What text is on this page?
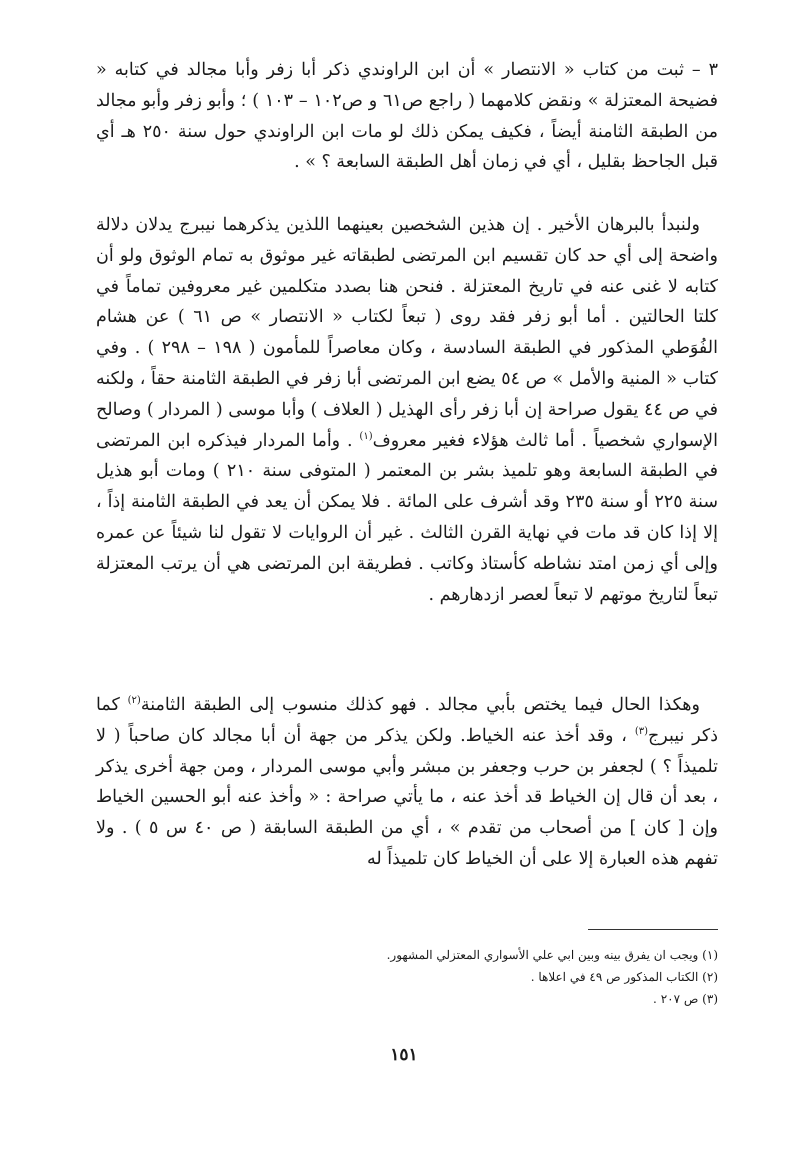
٣ – ثبت من كتاب « الانتصار » أن ابن الراوندي ذكر أبا زفر وأبا مجالد في كتابه « فضيحة المعتزلة » ونقض كلامهما ( راجع ص٦١ و ص١٠٢ – ١٠٣ ) ؛ وأبو زفر وأبو مجالد من الطبقة الثامنة أيضاً ، فكيف يمكن ذلك لو مات ابن الراوندي حول سنة ٢٥٠ هـ أي قبل الجاحظ بقليل ، أي في زمان أهل الطبقة السابعة ؟ » .

ولنبدأ بالبرهان الأخير . إن هذين الشخصين بعينهما اللذين يذكرهما نيبرج يدلان دلالة واضحة إلى أي حد كان تقسيم ابن المرتضى لطبقاته غير موثوق به تمام الوثوق ولو أن كتابه لا غنى عنه في تاريخ المعتزلة . فنحن هنا بصدد متكلمين غير معروفين تماماً في كلتا الحالتين . أما أبو زفر فقد روى ( تبعاً لكتاب « الانتصار » ص ٦١ ) عن هشام الفُوَطي المذكور في الطبقة السادسة ، وكان معاصراً للمأمون ( ١٩٨ – ٢٩٨ ) . وفي كتاب « المنية والأمل » ص ٥٤ يضع ابن المرتضى أبا زفر في الطبقة الثامنة حقاً ، ولكنه في ص ٤٤ يقول صراحة إن أبا زفر رأى الهذيل ( العلاف ) وأبا موسى ( المردار ) وصالح الإسواري شخصياً . أما ثالث هؤلاء فغير معروف$^{(١)}$ . وأما المردار فيذكره ابن المرتضى في الطبقة السابعة وهو تلميذ بشر بن المعتمر ( المتوفى سنة ٢١٠ ) ومات أبو هذيل سنة ٢٢٥ أو سنة ٢٣٥ وقد أشرف على المائة . فلا يمكن أن يعد في الطبقة الثامنة إذاً ، إلا إذا كان قد مات في نهاية القرن الثالث . غير أن الروايات لا تقول لنا شيئاً عن عمره وإلى أي زمن امتد نشاطه كأستاذ وكاتب . فطريقة ابن المرتضى هي أن يرتب المعتزلة تبعاً لتاريخ موتهم لا تبعاً لعصر ازدهارهم .

وهكذا الحال فيما يختص بأبي مجالد . فهو كذلك منسوب إلى الطبقة الثامنة$^{(٢)}$ كما ذكر نيبرج$^{(٣)}$ ، وقد أخذ عنه الخياط. ولكن يذكر من جهة أن أبا مجالد كان صاحباً ( لا تلميذاً ؟ ) لجعفر بن حرب وجعفر بن مبشر وأبي موسى المردار ، ومن جهة أخرى يذكر ، بعد أن قال إن الخياط قد أخذ عنه ، ما يأتي صراحة : « وأخذ عنه أبو الحسين الخياط وإن [ كان ] من أصحاب من تقدم » ، أي من الطبقة السابقة ( ص ٤٠ س ٥ ) . ولا تفهم هذه العبارة إلا على أن الخياط كان تلميذاً له

(١) ويجب ان يفرق بينه وبين ابي علي الأسواري المعتزلي المشهور.

(٢) الكتاب المذكور ص ٤٩ في اعلاها .

(٣) ص ٢٠٧ .

١٥١
